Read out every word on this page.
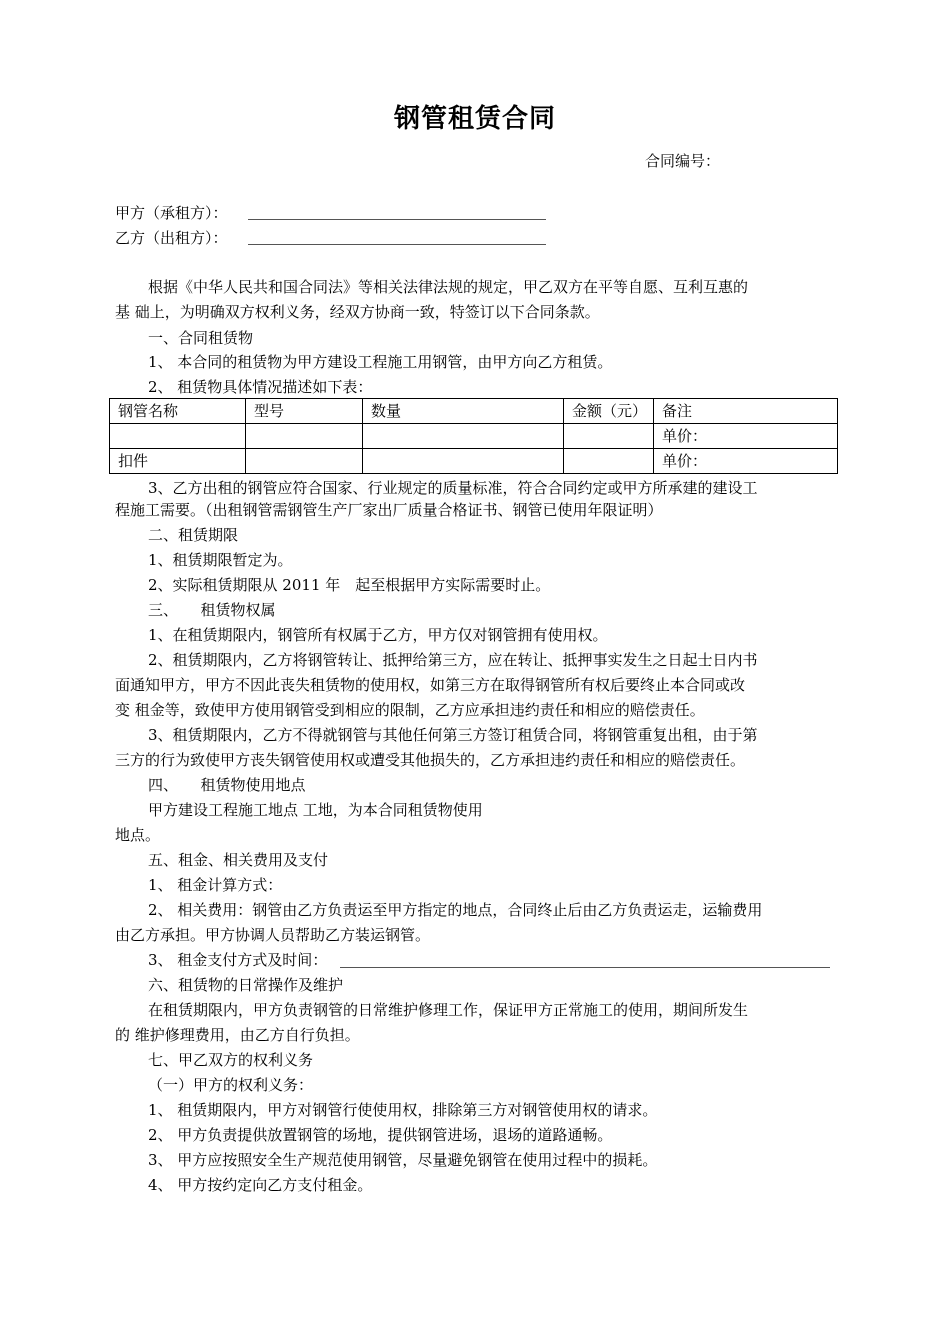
钢管租赁合同
合同编号：
甲方（承租方）：
乙方（出租方）：
根据《中华人民共和国合同法》等相关法律法规的规定，甲乙双方在平等自愿、互利互惠的
基 础上，为明确双方权利义务，经双方协商一致，特签订以下合同条款。
一、合同租赁物
1、 本合同的租赁物为甲方建设工程施工用钢管，由甲方向乙方租赁。
2、 租赁物具体情况描述如下表：
钢管名称	型号	数量	金额（元）	备注
				单价：
扣件				单价：
3、乙方出租的钢管应符合国家、行业规定的质量标准，符合合同约定或甲方所承建的建设工
程施工需要。（出租钢管需钢管生产厂家出厂质量合格证书、钢管已使用年限证明）
二、租赁期限
1、租赁期限暂定为。
2、实际租赁期限从 2011 年　起至根据甲方实际需要时止。
三、　　租赁物权属
1、在租赁期限内，钢管所有权属于乙方，甲方仅对钢管拥有使用权。
2、租赁期限内，乙方将钢管转让、抵押给第三方，应在转让、抵押事实发生之日起士日内书
面通知甲方，甲方不因此丧失租赁物的使用权，如第三方在取得钢管所有权后要终止本合同或改
变 租金等，致使甲方使用钢管受到相应的限制，乙方应承担违约责任和相应的赔偿责任。
3、租赁期限内，乙方不得就钢管与其他任何第三方签订租赁合同，将钢管重复出租，由于第
三方的行为致使甲方丧失钢管使用权或遭受其他损失的，乙方承担违约责任和相应的赔偿责任。
四、　　租赁物使用地点
甲方建设工程施工地点 工地，为本合同租赁物使用
地点。
五、租金、相关费用及支付
1、 租金计算方式：
2、 相关费用：钢管由乙方负责运至甲方指定的地点，合同终止后由乙方负责运走，运输费用
由乙方承担。甲方协调人员帮助乙方装运钢管。
3、 租金支付方式及时间：
六、租赁物的日常操作及维护
在租赁期限内，甲方负责钢管的日常维护修理工作，保证甲方正常施工的使用，期间所发生
的 维护修理费用，由乙方自行负担。
七、甲乙双方的权利义务
（一）甲方的权利义务：
1、 租赁期限内，甲方对钢管行使使用权，排除第三方对钢管使用权的请求。
2、 甲方负责提供放置钢管的场地，提供钢管进场，退场的道路通畅。
3、 甲方应按照安全生产规范使用钢管，尽量避免钢管在使用过程中的损耗。
4、 甲方按约定向乙方支付租金。
